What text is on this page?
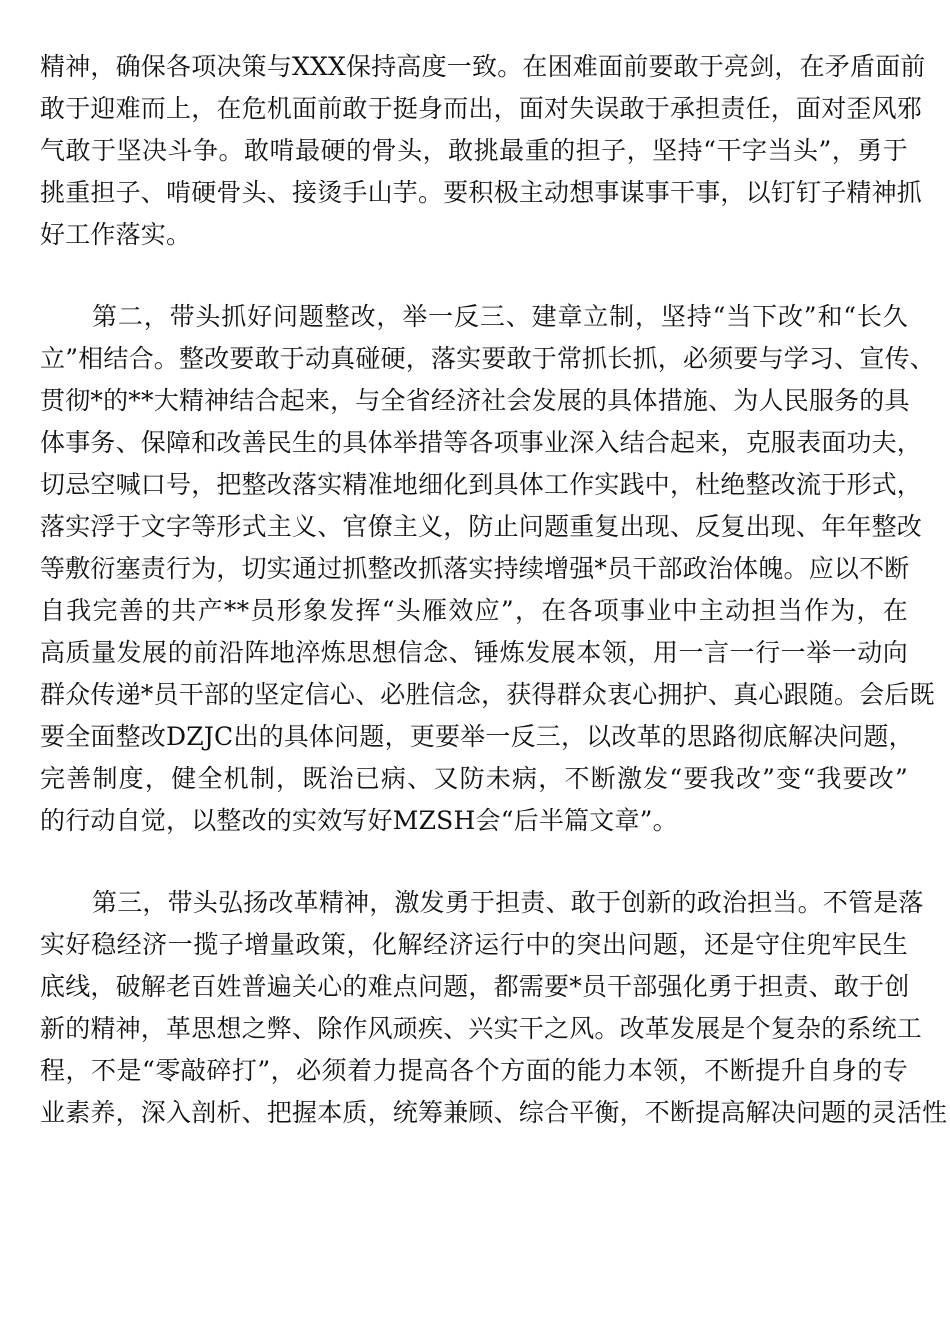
精神，确保各项决策与XXX保持高度一致。在困难面前要敢于亮剑，在矛盾面前
敢于迎难而上，在危机面前敢于挺身而出，面对失误敢于承担责任，面对歪风邪
气敢于坚决斗争。敢啃最硬的骨头，敢挑最重的担子，坚持“干字当头”，勇于
挑重担子、啃硬骨头、接烫手山芋。要积极主动想事谋事干事，以钉钉子精神抓
好工作落实。
第二，带头抓好问题整改，举一反三、建章立制，坚持“当下改”和“长久
立”相结合。整改要敢于动真碰硬，落实要敢于常抓长抓，必须要与学习、宣传、
贯彻*的**大精神结合起来，与全省经济社会发展的具体措施、为人民服务的具
体事务、保障和改善民生的具体举措等各项事业深入结合起来，克服表面功夫，
切忌空喊口号，把整改落实精准地细化到具体工作实践中，杜绝整改流于形式，
落实浮于文字等形式主义、官僚主义，防止问题重复出现、反复出现、年年整改
等敷衍塞责行为，切实通过抓整改抓落实持续增强*员干部政治体魄。应以不断
自我完善的共产**员形象发挥“头雁效应”，在各项事业中主动担当作为，在
高质量发展的前沿阵地淬炼思想信念、锤炼发展本领，用一言一行一举一动向
群众传递*员干部的坚定信心、必胜信念，获得群众衷心拥护、真心跟随。会后既
要全面整改DZJC出的具体问题，更要举一反三，以改革的思路彻底解决问题，
完善制度，健全机制，既治已病、又防未病，不断激发“要我改”变“我要改”
的行动自觉，以整改的实效写好MZSH会“后半篇文章”。
第三，带头弘扬改革精神，激发勇于担责、敢于创新的政治担当。不管是落
实好稳经济一揽子增量政策，化解经济运行中的突出问题，还是守住兜牢民生
底线，破解老百姓普遍关心的难点问题，都需要*员干部强化勇于担责、敢于创
新的精神，革思想之弊、除作风顽疾、兴实干之风。改革发展是个复杂的系统工
程，不是“零敲碎打”，必须着力提高各个方面的能力本领，不断提升自身的专
业素养，深入剖析、把握本质，统筹兼顾、综合平衡，不断提高解决问题的灵活性
